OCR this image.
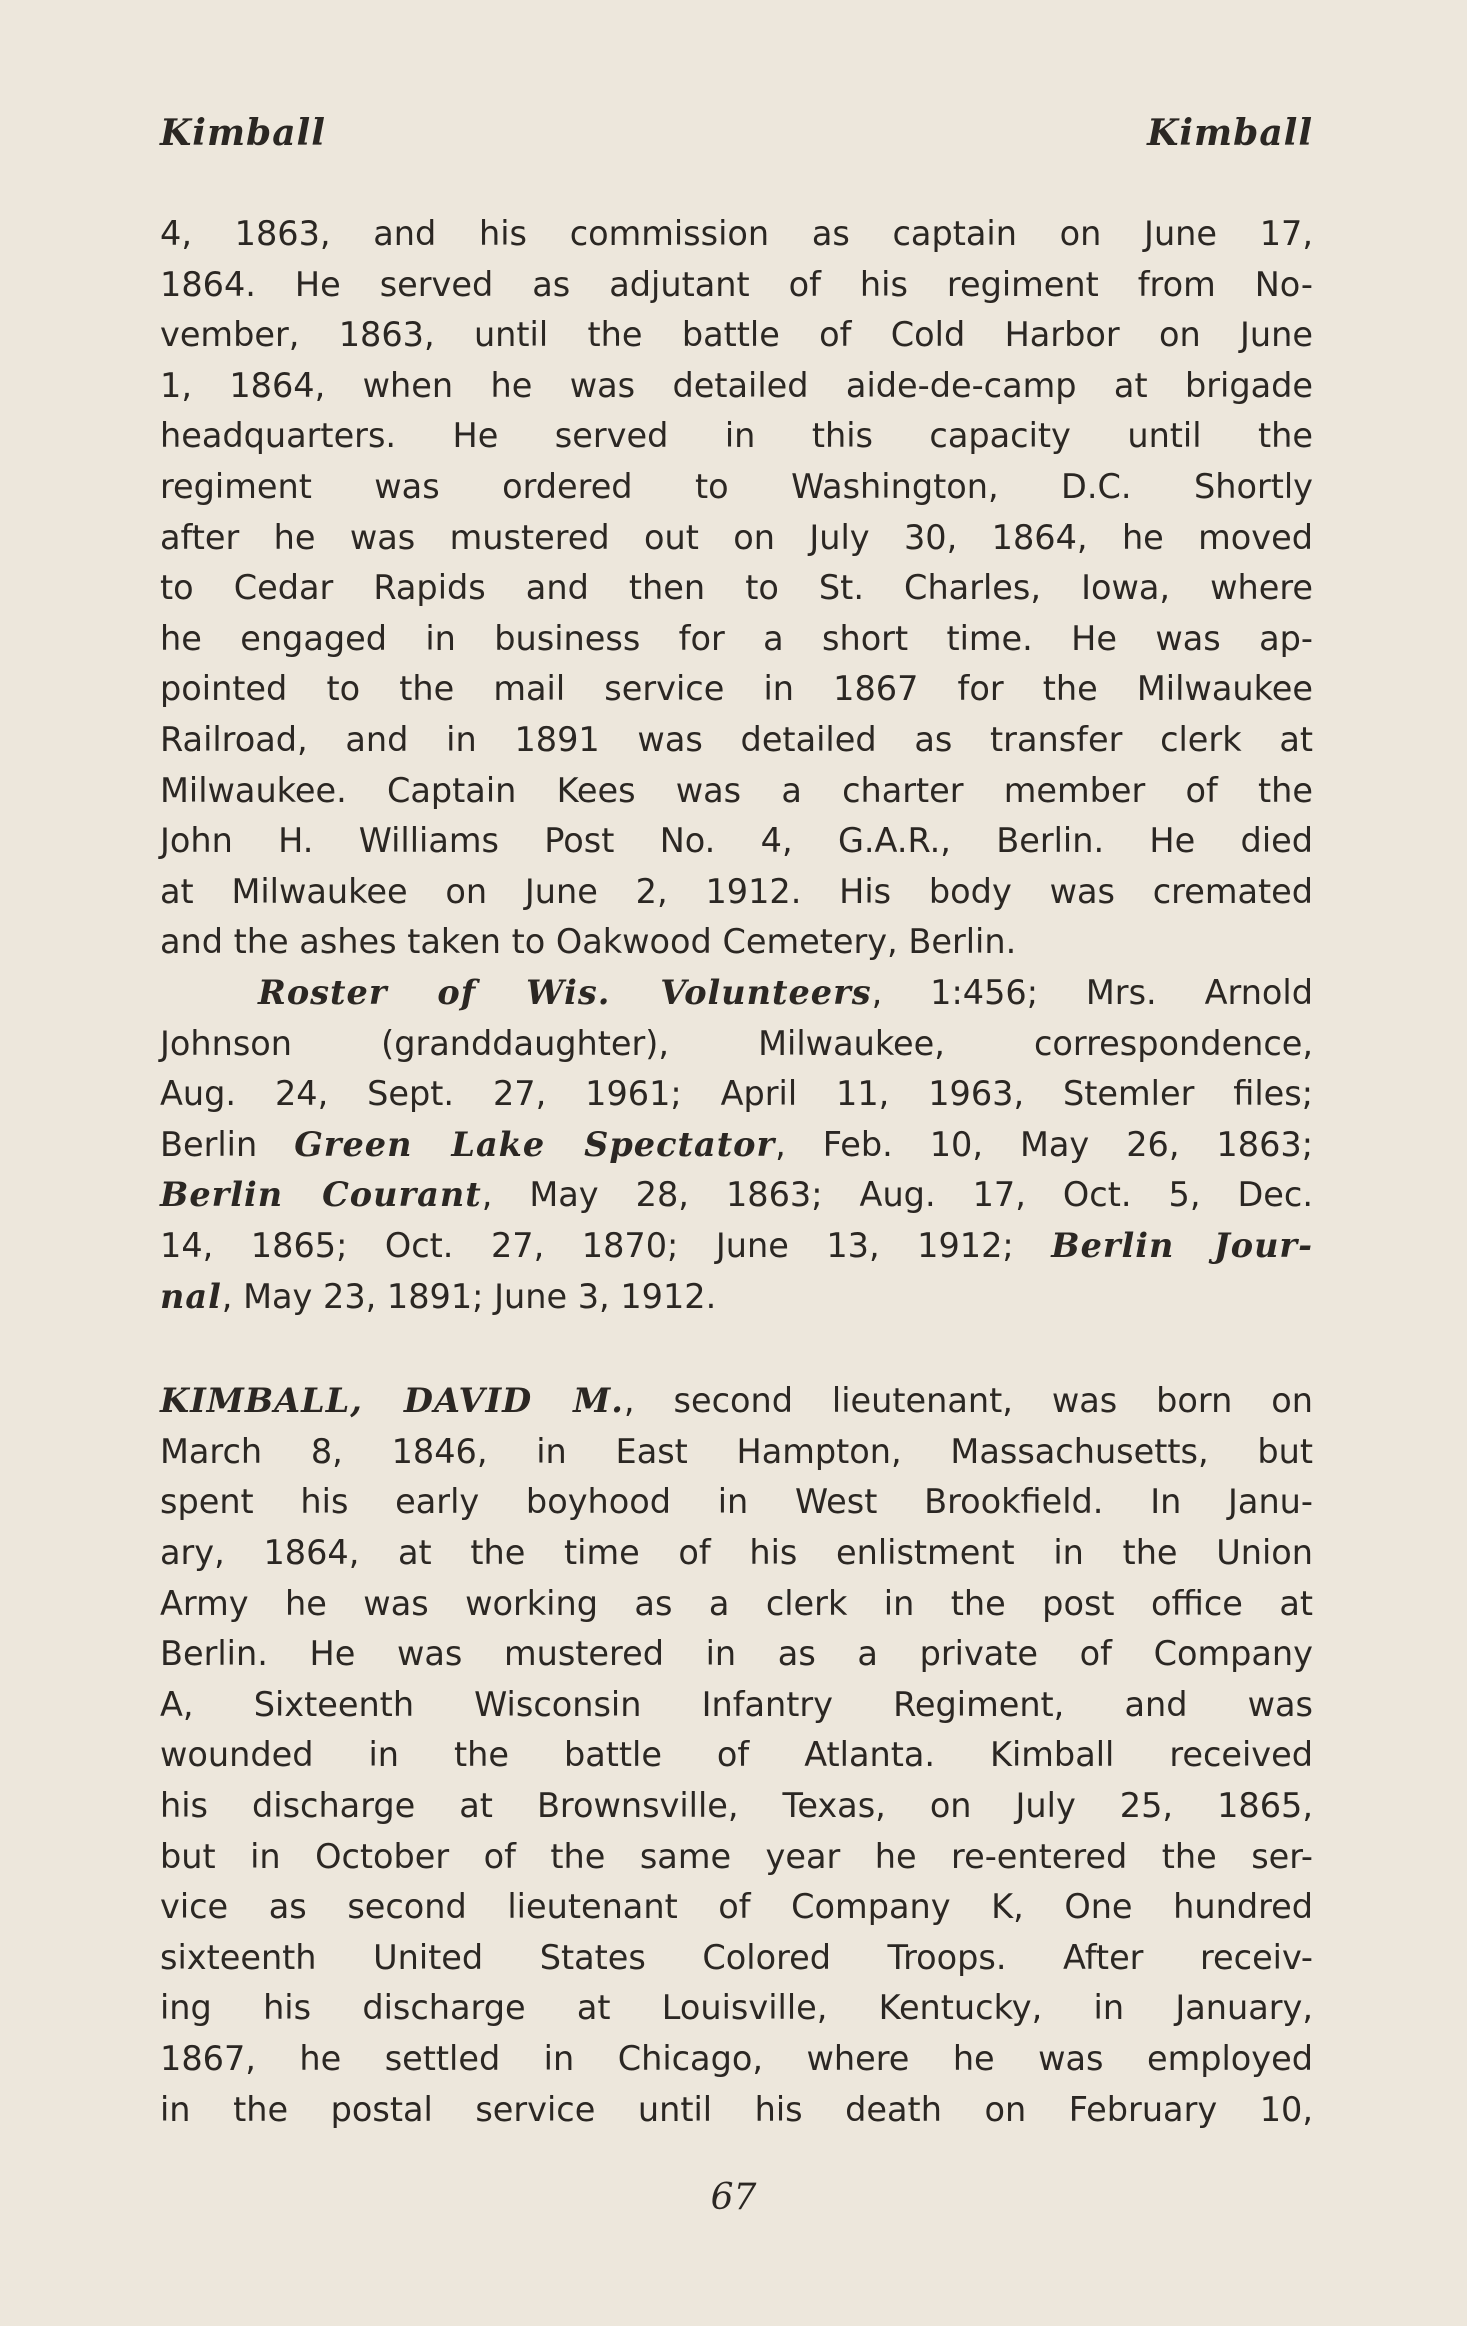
Kimball	Kimball
4, 1863, and his commission as captain on June 17,
1864. He served as adjutant of his regiment from No-
vember, 1863, until the battle of Cold Harbor on June
1, 1864, when he was detailed aide-de-camp at brigade
headquarters. He served in this capacity until the
regiment was ordered to Washington, D.C. Shortly
after he was mustered out on July 30, 1864, he moved
to Cedar Rapids and then to St. Charles, Iowa, where
he engaged in business for a short time. He was ap-
pointed to the mail service in 1867 for the Milwaukee
Railroad, and in 1891 was detailed as transfer clerk at
Milwaukee. Captain Kees was a charter member of the
John H. Williams Post No. 4, G.A.R., Berlin. He died
at Milwaukee on June 2, 1912. His body was cremated
and the ashes taken to Oakwood Cemetery, Berlin.
Roster of Wis. Volunteers, 1:456; Mrs. Arnold
Johnson (granddaughter), Milwaukee, correspondence,
Aug. 24, Sept. 27, 1961; April 11, 1963, Stemler files;
Berlin Green Lake Spectator, Feb. 10, May 26, 1863;
Berlin Courant, May 28, 1863; Aug. 17, Oct. 5, Dec.
14, 1865; Oct. 27, 1870; June 13, 1912; Berlin Jour-
nal, May 23, 1891; June 3, 1912.
KIMBALL, DAVID M., second lieutenant, was born on
March 8, 1846, in East Hampton, Massachusetts, but
spent his early boyhood in West Brookfield. In Janu-
ary, 1864, at the time of his enlistment in the Union
Army he was working as a clerk in the post office at
Berlin. He was mustered in as a private of Company
A, Sixteenth Wisconsin Infantry Regiment, and was
wounded in the battle of Atlanta. Kimball received
his discharge at Brownsville, Texas, on July 25, 1865,
but in October of the same year he re-entered the ser-
vice as second lieutenant of Company K, One hundred
sixteenth United States Colored Troops. After receiv-
ing his discharge at Louisville, Kentucky, in January,
1867, he settled in Chicago, where he was employed
in the postal service until his death on February 10,
67
